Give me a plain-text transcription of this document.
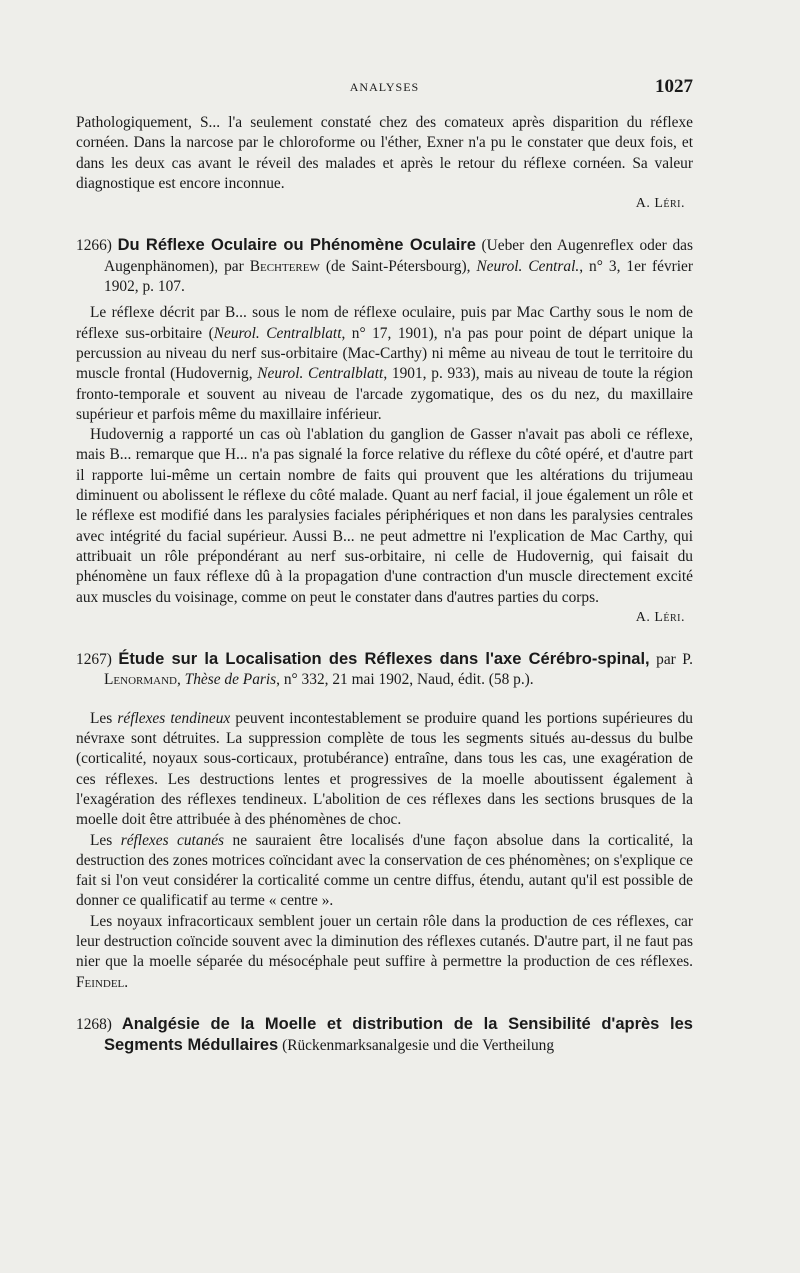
ANALYSES	1027

Pathologiquement, S... l'a seulement constaté chez des comateux après disparition du réflexe cornéen. Dans la narcose par le chloroforme ou l'éther, Exner n'a pu le constater que deux fois, et dans les deux cas avant le réveil des malades et après le retour du réflexe cornéen. Sa valeur diagnostique est encore inconnue.

A. Léri.

1266) Du Réflexe Oculaire ou Phénomène Oculaire (Ueber den Augenreflex oder das Augenphänomen), par Bechterew (de Saint-Pétersbourg), Neurol. Central., n° 3, 1er février 1902, p. 107.

Le réflexe décrit par B... sous le nom de réflexe oculaire, puis par Mac Carthy sous le nom de réflexe sus-orbitaire (Neurol. Centralblatt, n° 17, 1901), n'a pas pour point de départ unique la percussion au niveau du nerf sus-orbitaire (Mac-Carthy) ni même au niveau de tout le territoire du muscle frontal (Hudovernig, Neurol. Centralblatt, 1901, p. 933), mais au niveau de toute la région fronto-temporale et souvent au niveau de l'arcade zygomatique, des os du nez, du maxillaire supérieur et parfois même du maxillaire inférieur.

Hudovernig a rapporté un cas où l'ablation du ganglion de Gasser n'avait pas aboli ce réflexe, mais B... remarque que H... n'a pas signalé la force relative du réflexe du côté opéré, et d'autre part il rapporte lui-même un certain nombre de faits qui prouvent que les altérations du trijumeau diminuent ou abolissent le réflexe du côté malade. Quant au nerf facial, il joue également un rôle et le réflexe est modifié dans les paralysies faciales périphériques et non dans les paralysies centrales avec intégrité du facial supérieur. Aussi B... ne peut admettre ni l'explication de Mac Carthy, qui attribuait un rôle prépondérant au nerf sus-orbitaire, ni celle de Hudovernig, qui faisait du phénomène un faux réflexe dû à la propagation d'une contraction d'un muscle directement excité aux muscles du voisinage, comme on peut le constater dans d'autres parties du corps.

A. Léri.

1267) Étude sur la Localisation des Réflexes dans l'axe Cérébro-spinal, par P. Lenormand, Thèse de Paris, n° 332, 21 mai 1902, Naud, édit. (58 p.).

Les réflexes tendineux peuvent incontestablement se produire quand les portions supérieures du névraxe sont détruites. La suppression complète de tous les segments situés au-dessus du bulbe (corticalité, noyaux sous-corticaux, protubérance) entraîne, dans tous les cas, une exagération de ces réflexes. Les destructions lentes et progressives de la moelle aboutissent également à l'exagération des réflexes tendineux. L'abolition de ces réflexes dans les sections brusques de la moelle doit être attribuée à des phénomènes de choc.

Les réflexes cutanés ne sauraient être localisés d'une façon absolue dans la corticalité, la destruction des zones motrices coïncidant avec la conservation de ces phénomènes; on s'explique ce fait si l'on veut considérer la corticalité comme un centre diffus, étendu, autant qu'il est possible de donner ce qualificatif au terme « centre ».

Les noyaux infracorticaux semblent jouer un certain rôle dans la production de ces réflexes, car leur destruction coïncide souvent avec la diminution des réflexes cutanés. D'autre part, il ne faut pas nier que la moelle séparée du mésocéphale peut suffire à permettre la production de ces réflexes. Feindel.

1268) Analgésie de la Moelle et distribution de la Sensibilité d'après les Segments Médullaires (Rückenmarksanalgesie und die Vertheilung
